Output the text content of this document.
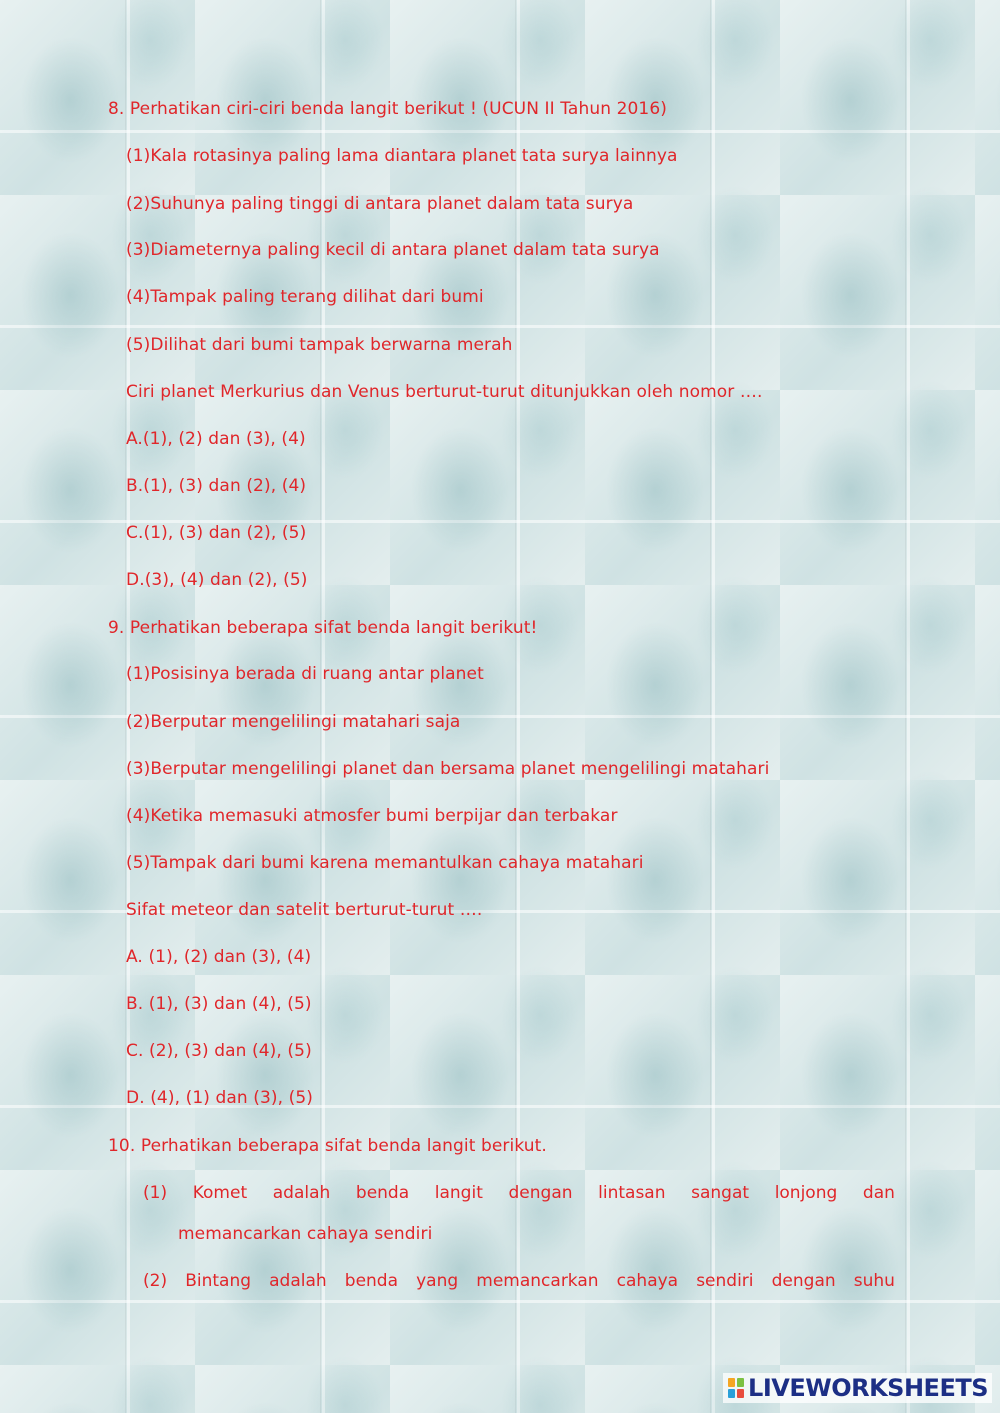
8. Perhatikan ciri-ciri benda langit berikut ! (UCUN II Tahun 2016)
(1)Kala rotasinya paling lama diantara planet tata surya lainnya
(2)Suhunya paling tinggi di antara planet dalam tata surya
(3)Diameternya paling kecil di antara planet dalam tata surya
(4)Tampak paling terang dilihat dari bumi
(5)Dilihat dari bumi tampak berwarna merah
Ciri planet Merkurius dan Venus berturut-turut ditunjukkan oleh nomor ….
A.(1), (2) dan (3), (4)
B.(1), (3) dan (2), (4)
C.(1), (3) dan (2), (5)
D.(3), (4) dan (2), (5)
9. Perhatikan beberapa sifat benda langit berikut!
(1)Posisinya berada di ruang antar planet
(2)Berputar mengelilingi matahari saja
(3)Berputar mengelilingi planet dan bersama planet mengelilingi matahari
(4)Ketika memasuki atmosfer bumi berpijar dan terbakar
(5)Tampak dari bumi karena memantulkan cahaya matahari
Sifat meteor dan satelit berturut-turut ….
A. (1), (2) dan (3), (4)
B. (1), (3) dan (4), (5)
C. (2), (3) dan (4), (5)
D. (4), (1) dan (3), (5)
10. Perhatikan beberapa sifat benda langit berikut.
(1) Komet adalah benda langit dengan lintasan sangat lonjong dan
memancarkan cahaya sendiri
(2) Bintang adalah benda yang memancarkan cahaya sendiri dengan suhu
LIVEWORKSHEETS
